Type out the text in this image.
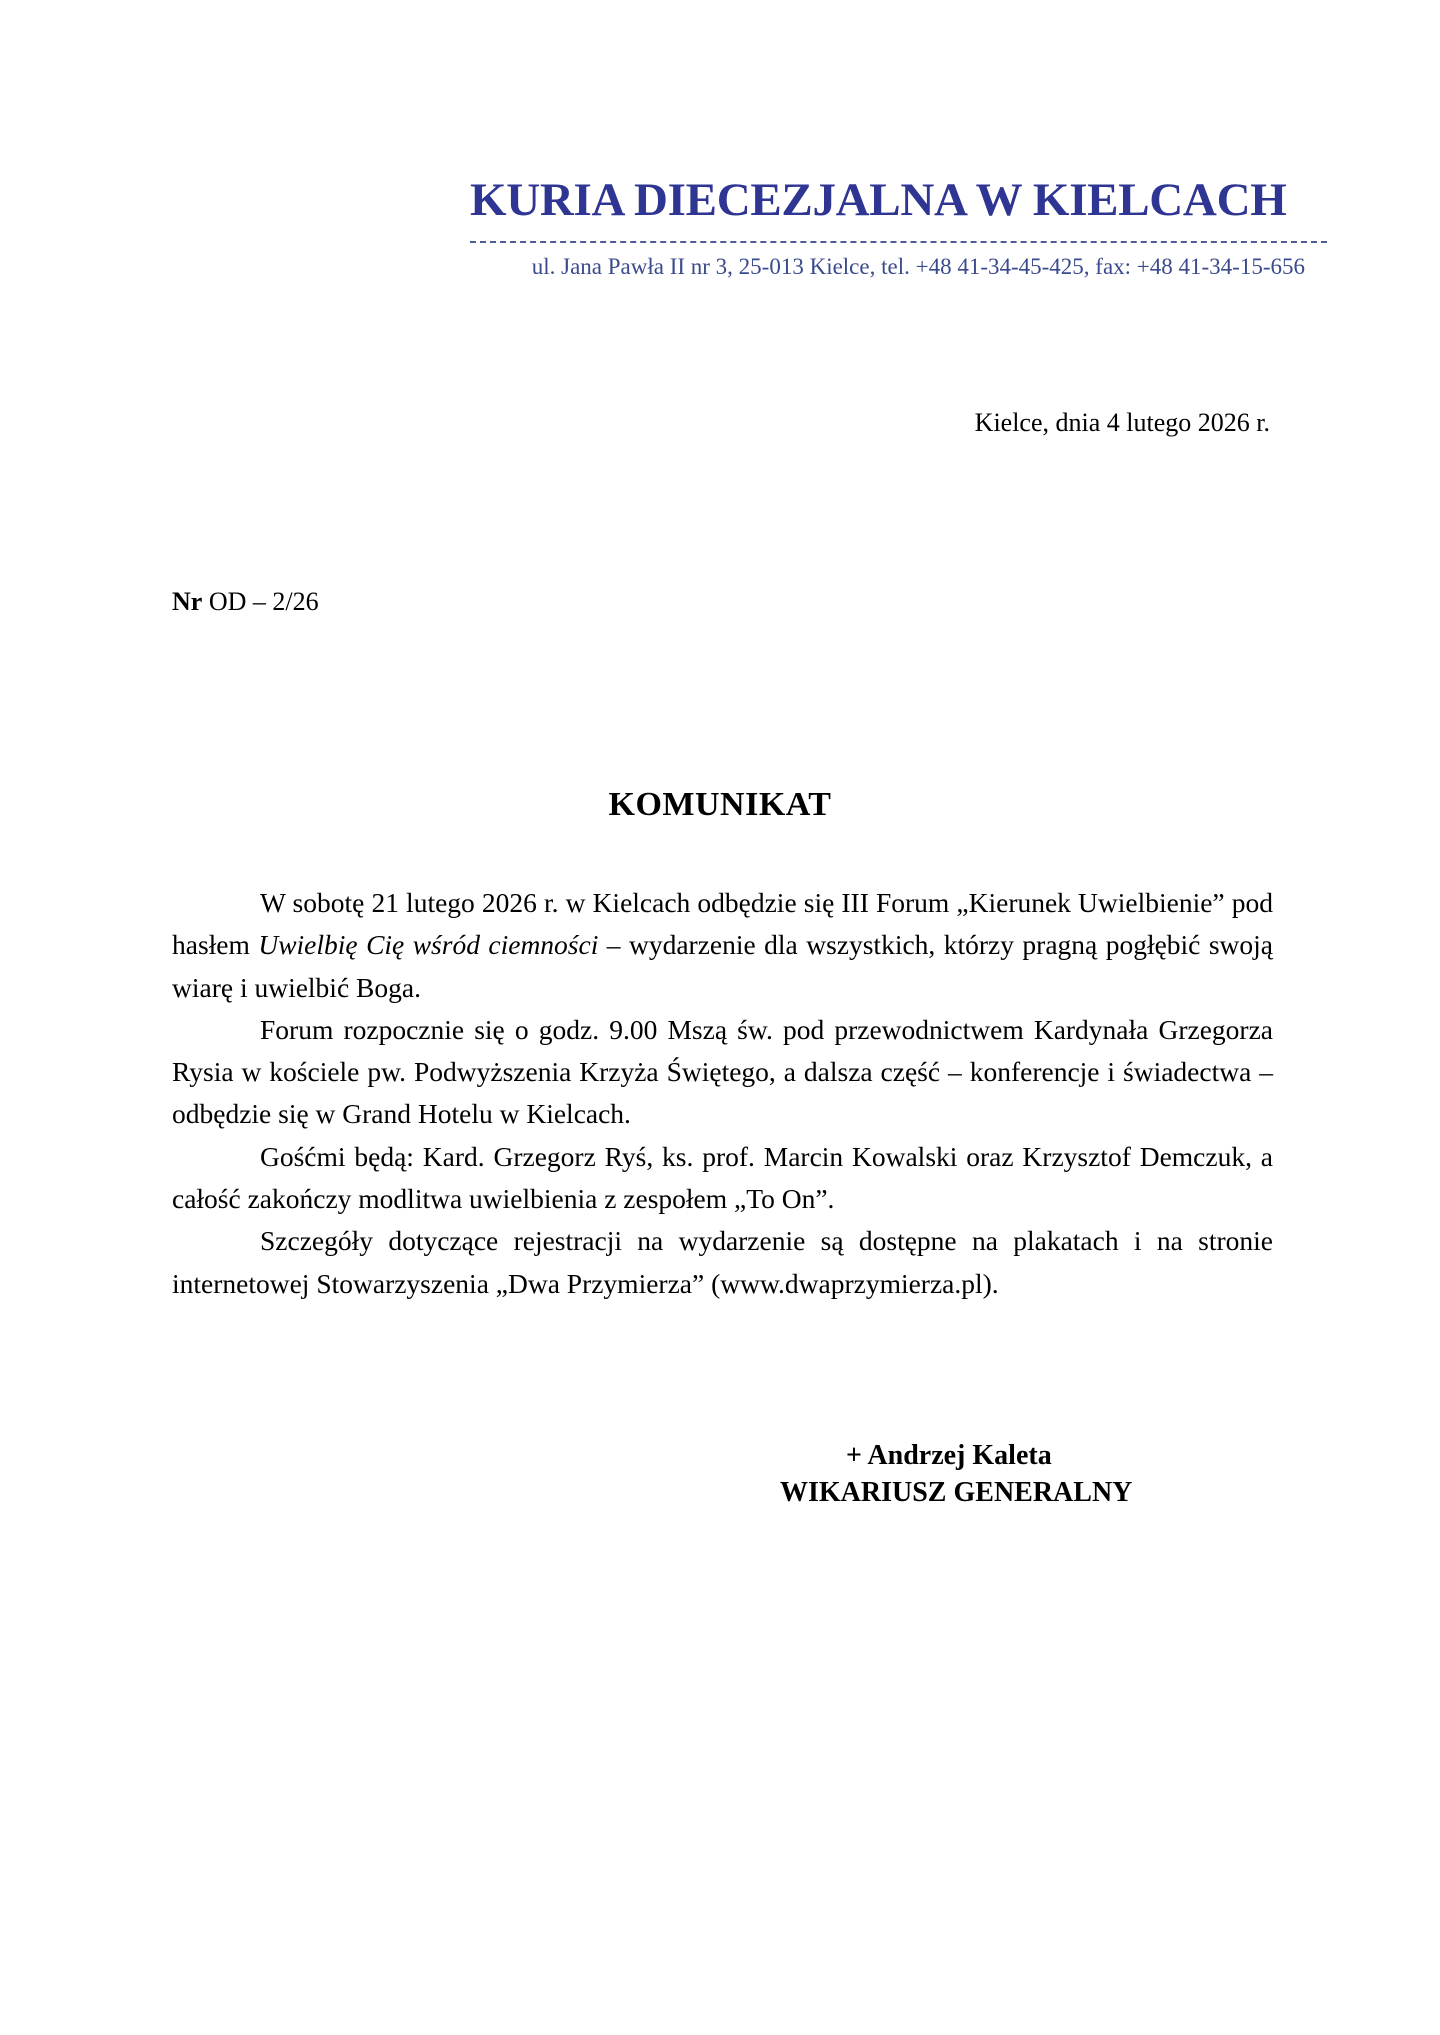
KURIA DIECEZJALNA W KIELCACH
ul. Jana Pawła II nr 3, 25-013 Kielce, tel. +48 41-34-45-425, fax: +48 41-34-15-656
Kielce, dnia 4 lutego 2026 r.
Nr OD – 2/26
KOMUNIKAT

W sobotę 21 lutego 2026 r. w Kielcach odbędzie się III Forum „Kierunek Uwielbienie” pod hasłem Uwielbię Cię wśród ciemności – wydarzenie dla wszystkich, którzy pragną pogłębić swoją wiarę i uwielbić Boga.

Forum rozpocznie się o godz. 9.00 Mszą św. pod przewodnictwem Kardynała Grzegorza Rysia w kościele pw. Podwyższenia Krzyża Świętego, a dalsza część – konferencje i świadectwa – odbędzie się w Grand Hotelu w Kielcach.

Gośćmi będą: Kard. Grzegorz Ryś, ks. prof. Marcin Kowalski oraz Krzysztof Demczuk, a całość zakończy modlitwa uwielbienia z zespołem „To On”.

Szczegóły dotyczące rejestracji na wydarzenie są dostępne na plakatach i na stronie internetowej Stowarzyszenia „Dwa Przymierza” (www.dwaprzymierza.pl).

+ Andrzej Kaleta
WIKARIUSZ GENERALNY
